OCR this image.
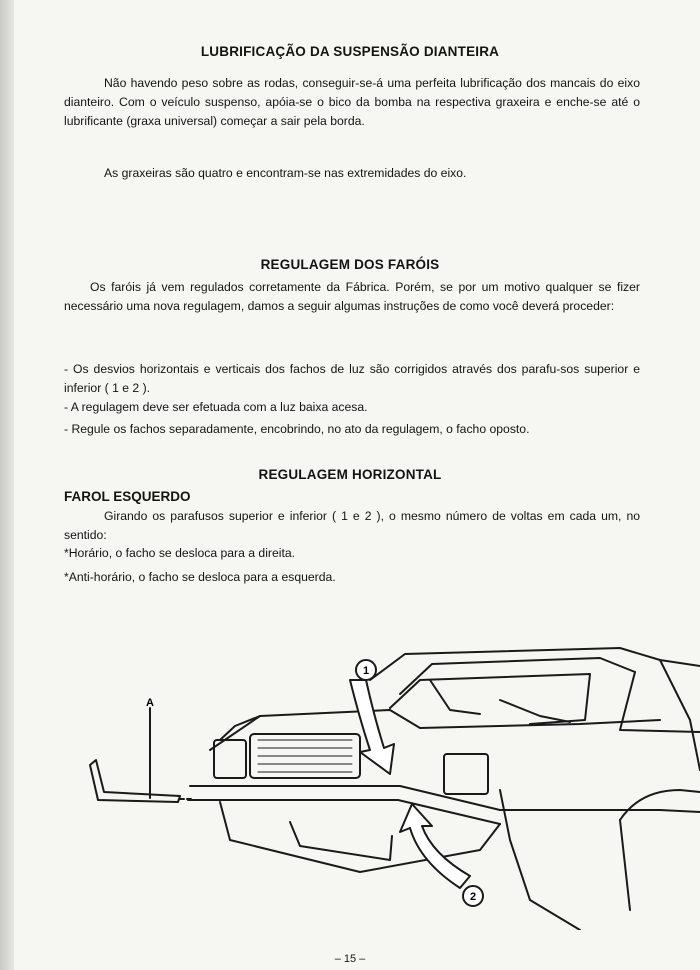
LUBRIFICAÇÃO DA SUSPENSÃO DIANTEIRA
Não havendo peso sobre as rodas, conseguir-se-á uma perfeita lubrificação dos mancais do eixo dianteiro. Com o veículo suspenso, apóia-se o bico da bomba na respectiva graxeira e enche-se até o lubrificante (graxa universal) começar a sair pela borda.
As graxeiras são quatro e encontram-se nas extremidades do eixo.
REGULAGEM DOS FARÓIS
Os faróis já vem regulados corretamente da Fábrica. Porém, se por um motivo qualquer se fizer necessário uma nova regulagem, damos a seguir algumas instruções de como você deverá proceder:
- Os desvios horizontais e verticais dos fachos de luz são corrigidos através dos parafu-sos superior e inferior ( 1 e 2 ).
- A regulagem deve ser efetuada com a luz baixa acesa.
- Regule os fachos separadamente, encobrindo, no ato da regulagem, o facho oposto.
REGULAGEM HORIZONTAL
FAROL ESQUERDO
Girando os parafusos superior e inferior ( 1 e 2 ), o mesmo número de voltas em cada um, no sentido:
*Horário, o facho se desloca para a direita.
*Anti-horário, o facho se desloca para a esquerda.
1
2
A
– 15 –
